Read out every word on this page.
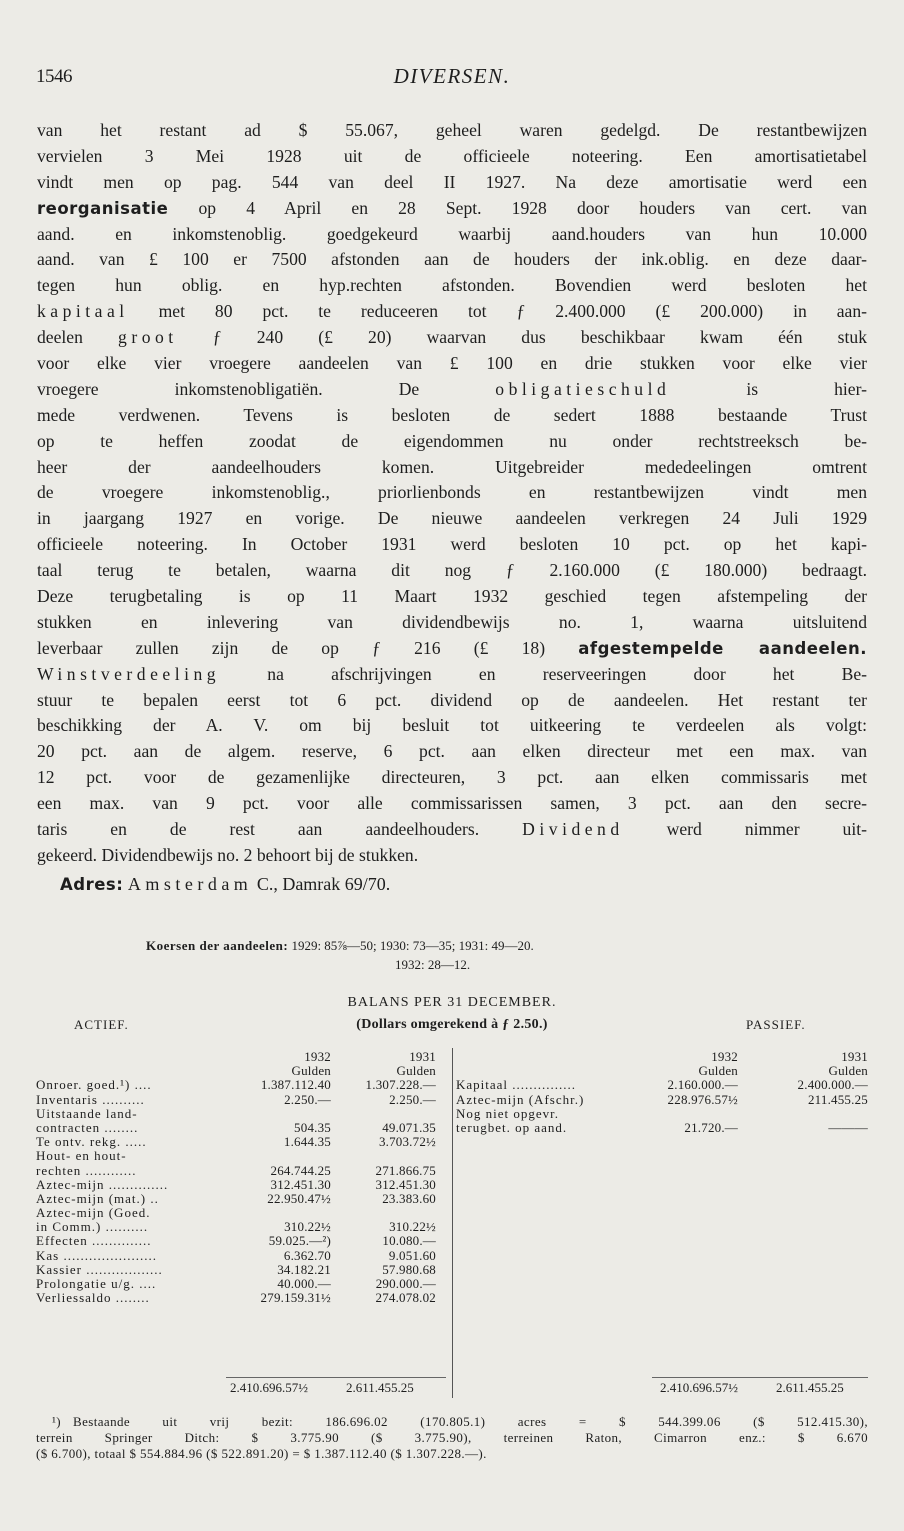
1546	DIVERSEN.
van het restant ad $ 55.067, geheel waren gedelgd. De restantbewijzen
vervielen 3 Mei 1928 uit de officieele noteering. Een amortisatietabel
vindt men op pag. 544 van deel II 1927. Na deze amortisatie werd een
reorganisatie op 4 April en 28 Sept. 1928 door houders van cert. van
aand. en inkomstenoblig. goedgekeurd waarbij aand.houders van hun 10.000
aand. van £ 100 er 7500 afstonden aan de houders der ink.oblig. en deze daar-
tegen hun oblig. en hyp.rechten afstonden. Bovendien werd besloten het
kapitaal met 80 pct. te reduceeren tot ƒ 2.400.000 (£ 200.000) in aan-
deelen groot ƒ 240 (£ 20) waarvan dus beschikbaar kwam één stuk
voor elke vier vroegere aandeelen van £ 100 en drie stukken voor elke vier
vroegere inkomstenobligatiën. De obligatieschuld is hier-
mede verdwenen. Tevens is besloten de sedert 1888 bestaande Trust
op te heffen zoodat de eigendommen nu onder rechtstreeksch be-
heer der aandeelhouders komen. Uitgebreider mededeelingen omtrent
de vroegere inkomstenoblig., priorlienbonds en restantbewijzen vindt men
in jaargang 1927 en vorige. De nieuwe aandeelen verkregen 24 Juli 1929
officieele noteering. In October 1931 werd besloten 10 pct. op het kapi-
taal terug te betalen, waarna dit nog ƒ 2.160.000 (£ 180.000) bedraagt.
Deze terugbetaling is op 11 Maart 1932 geschied tegen afstempeling der
stukken en inlevering van dividendbewijs no. 1, waarna uitsluitend
leverbaar zullen zijn de op ƒ 216 (£ 18) afgestempelde aandeelen.
Winstverdeeling na afschrijvingen en reserveeringen door het Be-
stuur te bepalen eerst tot 6 pct. dividend op de aandeelen. Het restant ter
beschikking der A. V. om bij besluit tot uitkeering te verdeelen als volgt:
20 pct. aan de algem. reserve, 6 pct. aan elken directeur met een max. van
12 pct. voor de gezamenlijke directeuren, 3 pct. aan elken commissaris met
een max. van 9 pct. voor alle commissarissen samen, 3 pct. aan den secre-
taris en de rest aan aandeelhouders. Dividend werd nimmer uit-
gekeerd. Dividendbewijs no. 2 behoort bij de stukken.
Adres: Amsterdam C., Damrak 69/70.
Koersen der aandeelen: 1929: 85⅞—50; 1930: 73—35; 1931: 49—20.
1932: 28—12.
BALANS PER 31 DECEMBER.
(Dollars omgerekend à ƒ 2.50.)
ACTIEF.	PASSIEF.
1932	1931
Gulden	Gulden
Onroer. goed.¹) ....	1.387.112.40	1.307.228.—
Inventaris ..........	2.250.—	2.250.—
Uitstaande land-
contracten ........	504.35	49.071.35
Te ontv. rekg. .....	1.644.35	3.703.72½
Hout- en hout-
rechten ............	264.744.25	271.866.75
Aztec-mijn ..............	312.451.30	312.451.30
Aztec-mijn (mat.) ..	22.950.47½	23.383.60
Aztec-mijn (Goed.
in Comm.) ..........	310.22½	310.22½
Effecten ..............	59.025.—²)	10.080.—
Kas ......................	6.362.70	9.051.60
Kassier ..................	34.182.21	57.980.68
Prolongatie u/g. ....	40.000.—	290.000.—
Verliessaldo ........	279.159.31½	274.078.02
1932	1931
Gulden	Gulden
Kapitaal ...............	2.160.000.—	2.400.000.—
Aztec-mijn (Afschr.)	228.976.57½	211.455.25
Nog niet opgevr.
terugbet. op aand.	21.720.—	———
2.410.696.57½	2.611.455.25	2.410.696.57½	2.611.455.25
¹) Bestaande uit vrij bezit: 186.696.02 (170.805.1) acres = $ 544.399.06 ($ 512.415.30),
terrein Springer Ditch: $ 3.775.90 ($ 3.775.90), terreinen Raton, Cimarron enz.: $ 6.670
($ 6.700), totaal $ 554.884.96 ($ 522.891.20) = $ 1.387.112.40 ($ 1.307.228.—).
